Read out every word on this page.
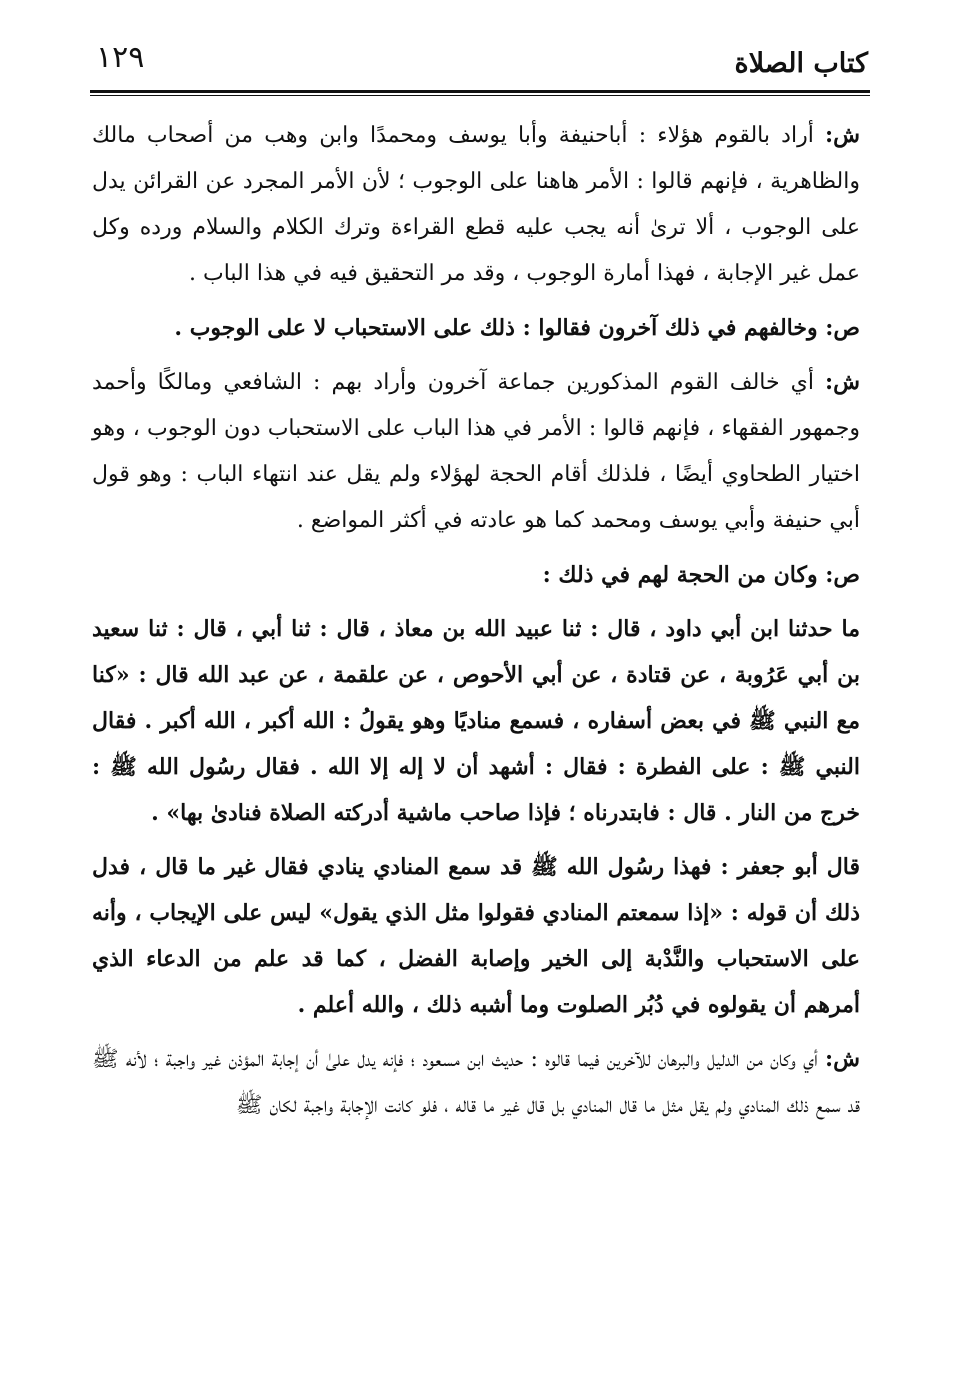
١٢٩	كتاب الصلاة

ش: أراد بالقوم هؤلاء : أباحنيفة وأبا يوسف ومحمدًا وابن وهب من أصحاب مالك والظاهرية ، فإنهم قالوا : الأمر هاهنا على الوجوب ؛ لأن الأمر المجرد عن القرائن يدل على الوجوب ، ألا ترىٰ أنه يجب عليه قطع القراءة وترك الكلام والسلام ورده وكل عمل غير الإجابة ، فهذا أمارة الوجوب ، وقد مر التحقيق فيه في هذا الباب .

ص: وخالفهم في ذلك آخرون فقالوا : ذلك على الاستحباب لا على الوجوب .

ش: أي خالف القوم المذكورين جماعة آخرون وأراد بهم : الشافعي ومالكًا وأحمد وجمهور الفقهاء ، فإنهم قالوا : الأمر في هذا الباب على الاستحباب دون الوجوب ، وهو اختيار الطحاوي أيضًا ، فلذلك أقام الحجة لهؤلاء ولم يقل عند انتهاء الباب : وهو قول أبي حنيفة وأبي يوسف ومحمد كما هو عادته في أكثر المواضع .

ص: وكان من الحجة لهم في ذلك :

ما حدثنا ابن أبي داود ، قال : ثنا عبيد الله بن معاذ ، قال : ثنا أبي ، قال : ثنا سعيد بن أبي عَرُوبة ، عن قتادة ، عن أبي الأحوص ، عن علقمة ، عن عبد الله قال : «كنا مع النبي ﷺ في بعض أسفاره ، فسمع مناديًا وهو يقولُ : الله أكبر ، الله أكبر . فقال النبي ﷺ : على الفطرة : فقال : أشهد أن لا إله إلا الله . فقال رسُول الله ﷺ : خرج من النار . قال : فابتدرناه ؛ فإذا صاحب ماشية أدركته الصلاة فنادىٰ بها» .

قال أبو جعفر : فهذا رسُول الله ﷺ قد سمع المنادي ينادي فقال غير ما قال ، فدل ذلك أن قوله : «إذا سمعتم المنادي فقولوا مثل الذي يقول» ليس على الإيجاب ، وأنه على الاستحباب والنَّدْبة إلى الخير وإصابة الفضل ، كما قد علم من الدعاء الذي أمرهم أن يقولوه في دُبُر الصلوت وما أشبه ذلك ، والله أعلم .

ش: أي وكان من الدليل والبرهان للآخرين فيما قالوه : حديث ابن مسعود ؛ فإنه يدل علىٰ أن إجابة المؤذن غير واجبة ؛ لأنه ﷺ قد سمع ذلك المنادي ولم يقل مثل ما قال المنادي بل قال غير ما قاله ، فلو كانت الإجابة واجبة لكان ﷺ
